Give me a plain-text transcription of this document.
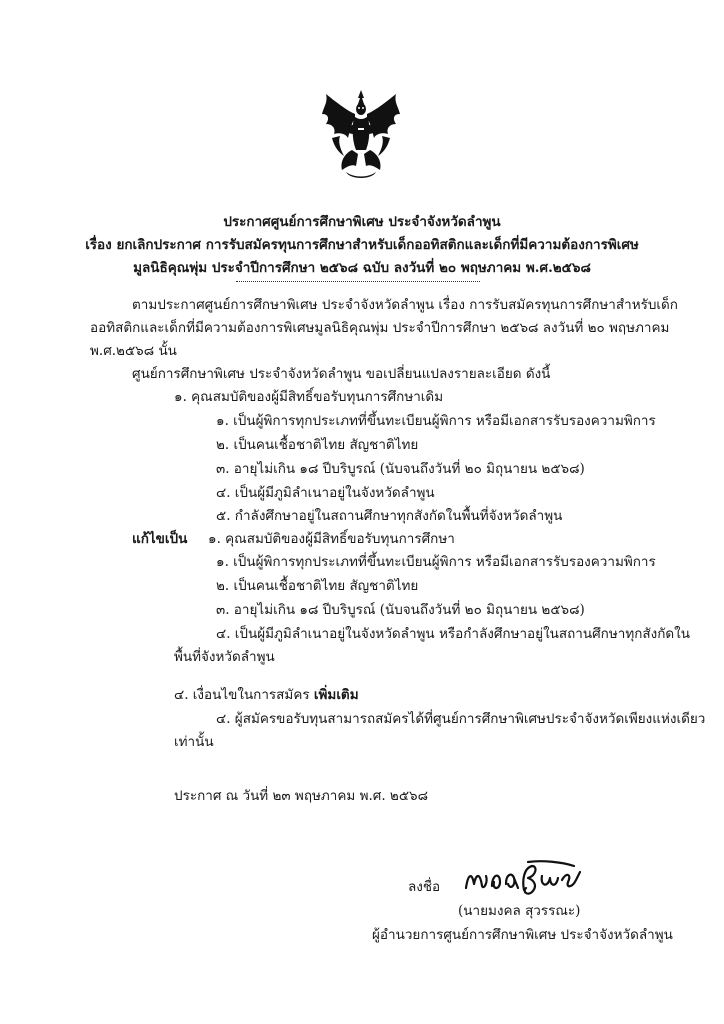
ประกาศศูนย์การศึกษาพิเศษ ประจำจังหวัดลำพูน
เรื่อง ยกเลิกประกาศ การรับสมัครทุนการศึกษาสำหรับเด็กออทิสติกและเด็กที่มีความต้องการพิเศษ
มูลนิธิคุณพุ่ม ประจำปีการศึกษา ๒๕๖๘ ฉบับ ลงวันที่ ๒๐ พฤษภาคม พ.ศ.๒๕๖๘
ตามประกาศศูนย์การศึกษาพิเศษ ประจำจังหวัดลำพูน เรื่อง การรับสมัครทุนการศึกษาสำหรับเด็ก
ออทิสติกและเด็กที่มีความต้องการพิเศษมูลนิธิคุณพุ่ม ประจำปีการศึกษา ๒๕๖๘ ลงวันที่ ๒๐ พฤษภาคม
พ.ศ.๒๕๖๘ นั้น
ศูนย์การศึกษาพิเศษ ประจำจังหวัดลำพูน ขอเปลี่ยนแปลงรายละเอียด ดังนี้
๑. คุณสมบัติของผู้มีสิทธิ์ขอรับทุนการศึกษาเดิม
๑. เป็นผู้พิการทุกประเภทที่ขึ้นทะเบียนผู้พิการ หรือมีเอกสารรับรองความพิการ
๒. เป็นคนเชื้อชาติไทย สัญชาติไทย
๓. อายุไม่เกิน ๑๘ ปีบริบูรณ์ (นับจนถึงวันที่ ๒๐ มิถุนายน ๒๕๖๘)
๔. เป็นผู้มีภูมิลำเนาอยู่ในจังหวัดลำพูน
๕. กำลังศึกษาอยู่ในสถานศึกษาทุกสังกัดในพื้นที่จังหวัดลำพูน
แก้ไขเป็น ๑. คุณสมบัติของผู้มีสิทธิ์ขอรับทุนการศึกษา
๑. เป็นผู้พิการทุกประเภทที่ขึ้นทะเบียนผู้พิการ หรือมีเอกสารรับรองความพิการ
๒. เป็นคนเชื้อชาติไทย สัญชาติไทย
๓. อายุไม่เกิน ๑๘ ปีบริบูรณ์ (นับจนถึงวันที่ ๒๐ มิถุนายน ๒๕๖๘)
๔. เป็นผู้มีภูมิลำเนาอยู่ในจังหวัดลำพูน หรือกำลังศึกษาอยู่ในสถานศึกษาทุกสังกัดใน
พื้นที่จังหวัดลำพูน
๔. เงื่อนไขในการสมัคร เพิ่มเติม
๔. ผู้สมัครขอรับทุนสามารถสมัครได้ที่ศูนย์การศึกษาพิเศษประจำจังหวัดเพียงแห่งเดียว
เท่านั้น
ประกาศ ณ วันที่ ๒๓ พฤษภาคม พ.ศ. ๒๕๖๘
ลงชื่อ
(นายมงคล สุวรรณะ)
ผู้อำนวยการศูนย์การศึกษาพิเศษ ประจำจังหวัดลำพูน
